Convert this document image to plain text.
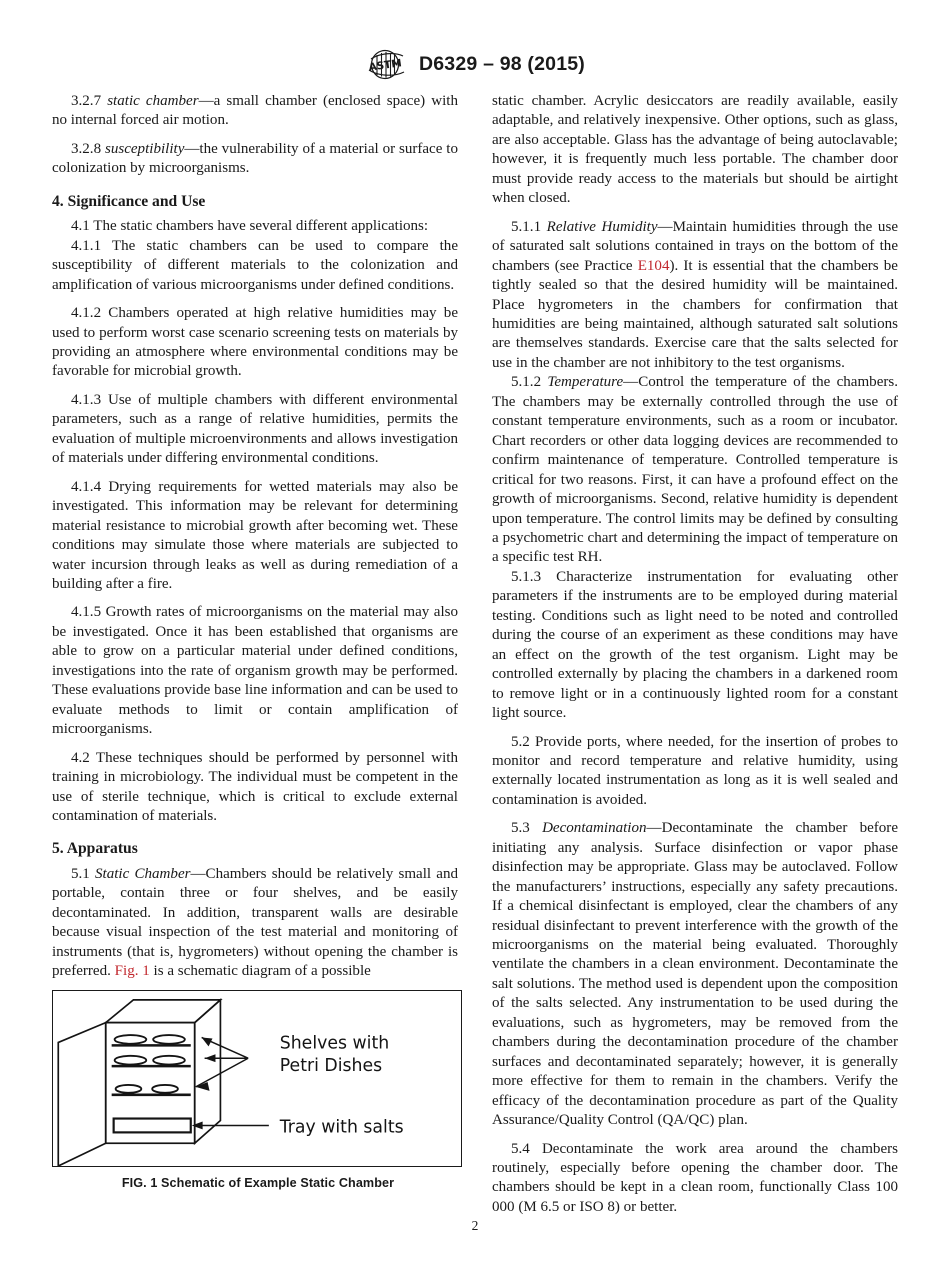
ASTM D6329 – 98 (2015)

3.2.7 static chamber—a small chamber (enclosed space) with no internal forced air motion.

3.2.8 susceptibility—the vulnerability of a material or surface to colonization by microorganisms.

4. Significance and Use

4.1 The static chambers have several different applications:

4.1.1 The static chambers can be used to compare the susceptibility of different materials to the colonization and amplification of various microorganisms under defined conditions.

4.1.2 Chambers operated at high relative humidities may be used to perform worst case scenario screening tests on materials by providing an atmosphere where environmental conditions may be favorable for microbial growth.

4.1.3 Use of multiple chambers with different environmental parameters, such as a range of relative humidities, permits the evaluation of multiple microenvironments and allows investigation of materials under differing environmental conditions.

4.1.4 Drying requirements for wetted materials may also be investigated. This information may be relevant for determining material resistance to microbial growth after becoming wet. These conditions may simulate those where materials are subjected to water incursion through leaks as well as during remediation of a building after a fire.

4.1.5 Growth rates of microorganisms on the material may also be investigated. Once it has been established that organisms are able to grow on a particular material under defined conditions, investigations into the rate of organism growth may be performed. These evaluations provide base line information and can be used to evaluate methods to limit or contain amplification of microorganisms.

4.2 These techniques should be performed by personnel with training in microbiology. The individual must be competent in the use of sterile technique, which is critical to exclude external contamination of materials.

5. Apparatus

5.1 Static Chamber—Chambers should be relatively small and portable, contain three or four shelves, and be easily decontaminated. In addition, transparent walls are desirable because visual inspection of the test material and monitoring of instruments (that is, hygrometers) without opening the chamber is preferred. Fig. 1 is a schematic diagram of a possible

static chamber. Acrylic desiccators are readily available, easily adaptable, and relatively inexpensive. Other options, such as glass, are also acceptable. Glass has the advantage of being autoclavable; however, it is frequently much less portable. The chamber door must provide ready access to the materials but should be airtight when closed.

5.1.1 Relative Humidity—Maintain humidities through the use of saturated salt solutions contained in trays on the bottom of the chambers (see Practice E104). It is essential that the chambers be tightly sealed so that the desired humidity will be maintained. Place hygrometers in the chambers for confirmation that humidities are being maintained, although saturated salt solutions are themselves standards. Exercise care that the salts selected for use in the chamber are not inhibitory to the test organisms.

5.1.2 Temperature—Control the temperature of the chambers. The chambers may be externally controlled through the use of constant temperature environments, such as a room or incubator. Chart recorders or other data logging devices are recommended to confirm maintenance of temperature. Controlled temperature is critical for two reasons. First, it can have a profound effect on the growth of microorganisms. Second, relative humidity is dependent upon temperature. The control limits may be defined by consulting a psychometric chart and determining the impact of temperature on a specific test RH.

5.1.3 Characterize instrumentation for evaluating other parameters if the instruments are to be employed during material testing. Conditions such as light need to be noted and controlled during the course of an experiment as these conditions may have an effect on the growth of the test organism. Light may be controlled externally by placing the chambers in a darkened room to remove light or in a continuously lighted room for a constant light source.

5.2 Provide ports, where needed, for the insertion of probes to monitor and record temperature and relative humidity, using externally located instrumentation as long as it is well sealed and contamination is avoided.

5.3 Decontamination—Decontaminate the chamber before initiating any analysis. Surface disinfection or vapor phase disinfection may be appropriate. Glass may be autoclaved. Follow the manufacturers’ instructions, especially any safety precautions. If a chemical disinfectant is employed, clear the chambers of any residual disinfectant to prevent interference with the growth of the microorganisms on the material being evaluated. Thoroughly ventilate the chambers in a clean environment. Decontaminate the salt solutions. The method used is dependent upon the composition of the salts selected. Any instrumentation to be used during the evaluations, such as hygrometers, may be removed from the chambers during the decontamination procedure of the chamber surfaces and decontaminated separately; however, it is generally more effective for them to remain in the chambers. Verify the efficacy of the decontamination procedure as part of the Quality Assurance/Quality Control (QA/QC) plan.

5.4 Decontaminate the work area around the chambers routinely, especially before opening the chamber door. The chambers should be kept in a clean room, functionally Class 100 000 (M 6.5 or ISO 8) or better.

Shelves with
Petri Dishes
Tray with salts
FIG. 1 Schematic of Example Static Chamber
2
